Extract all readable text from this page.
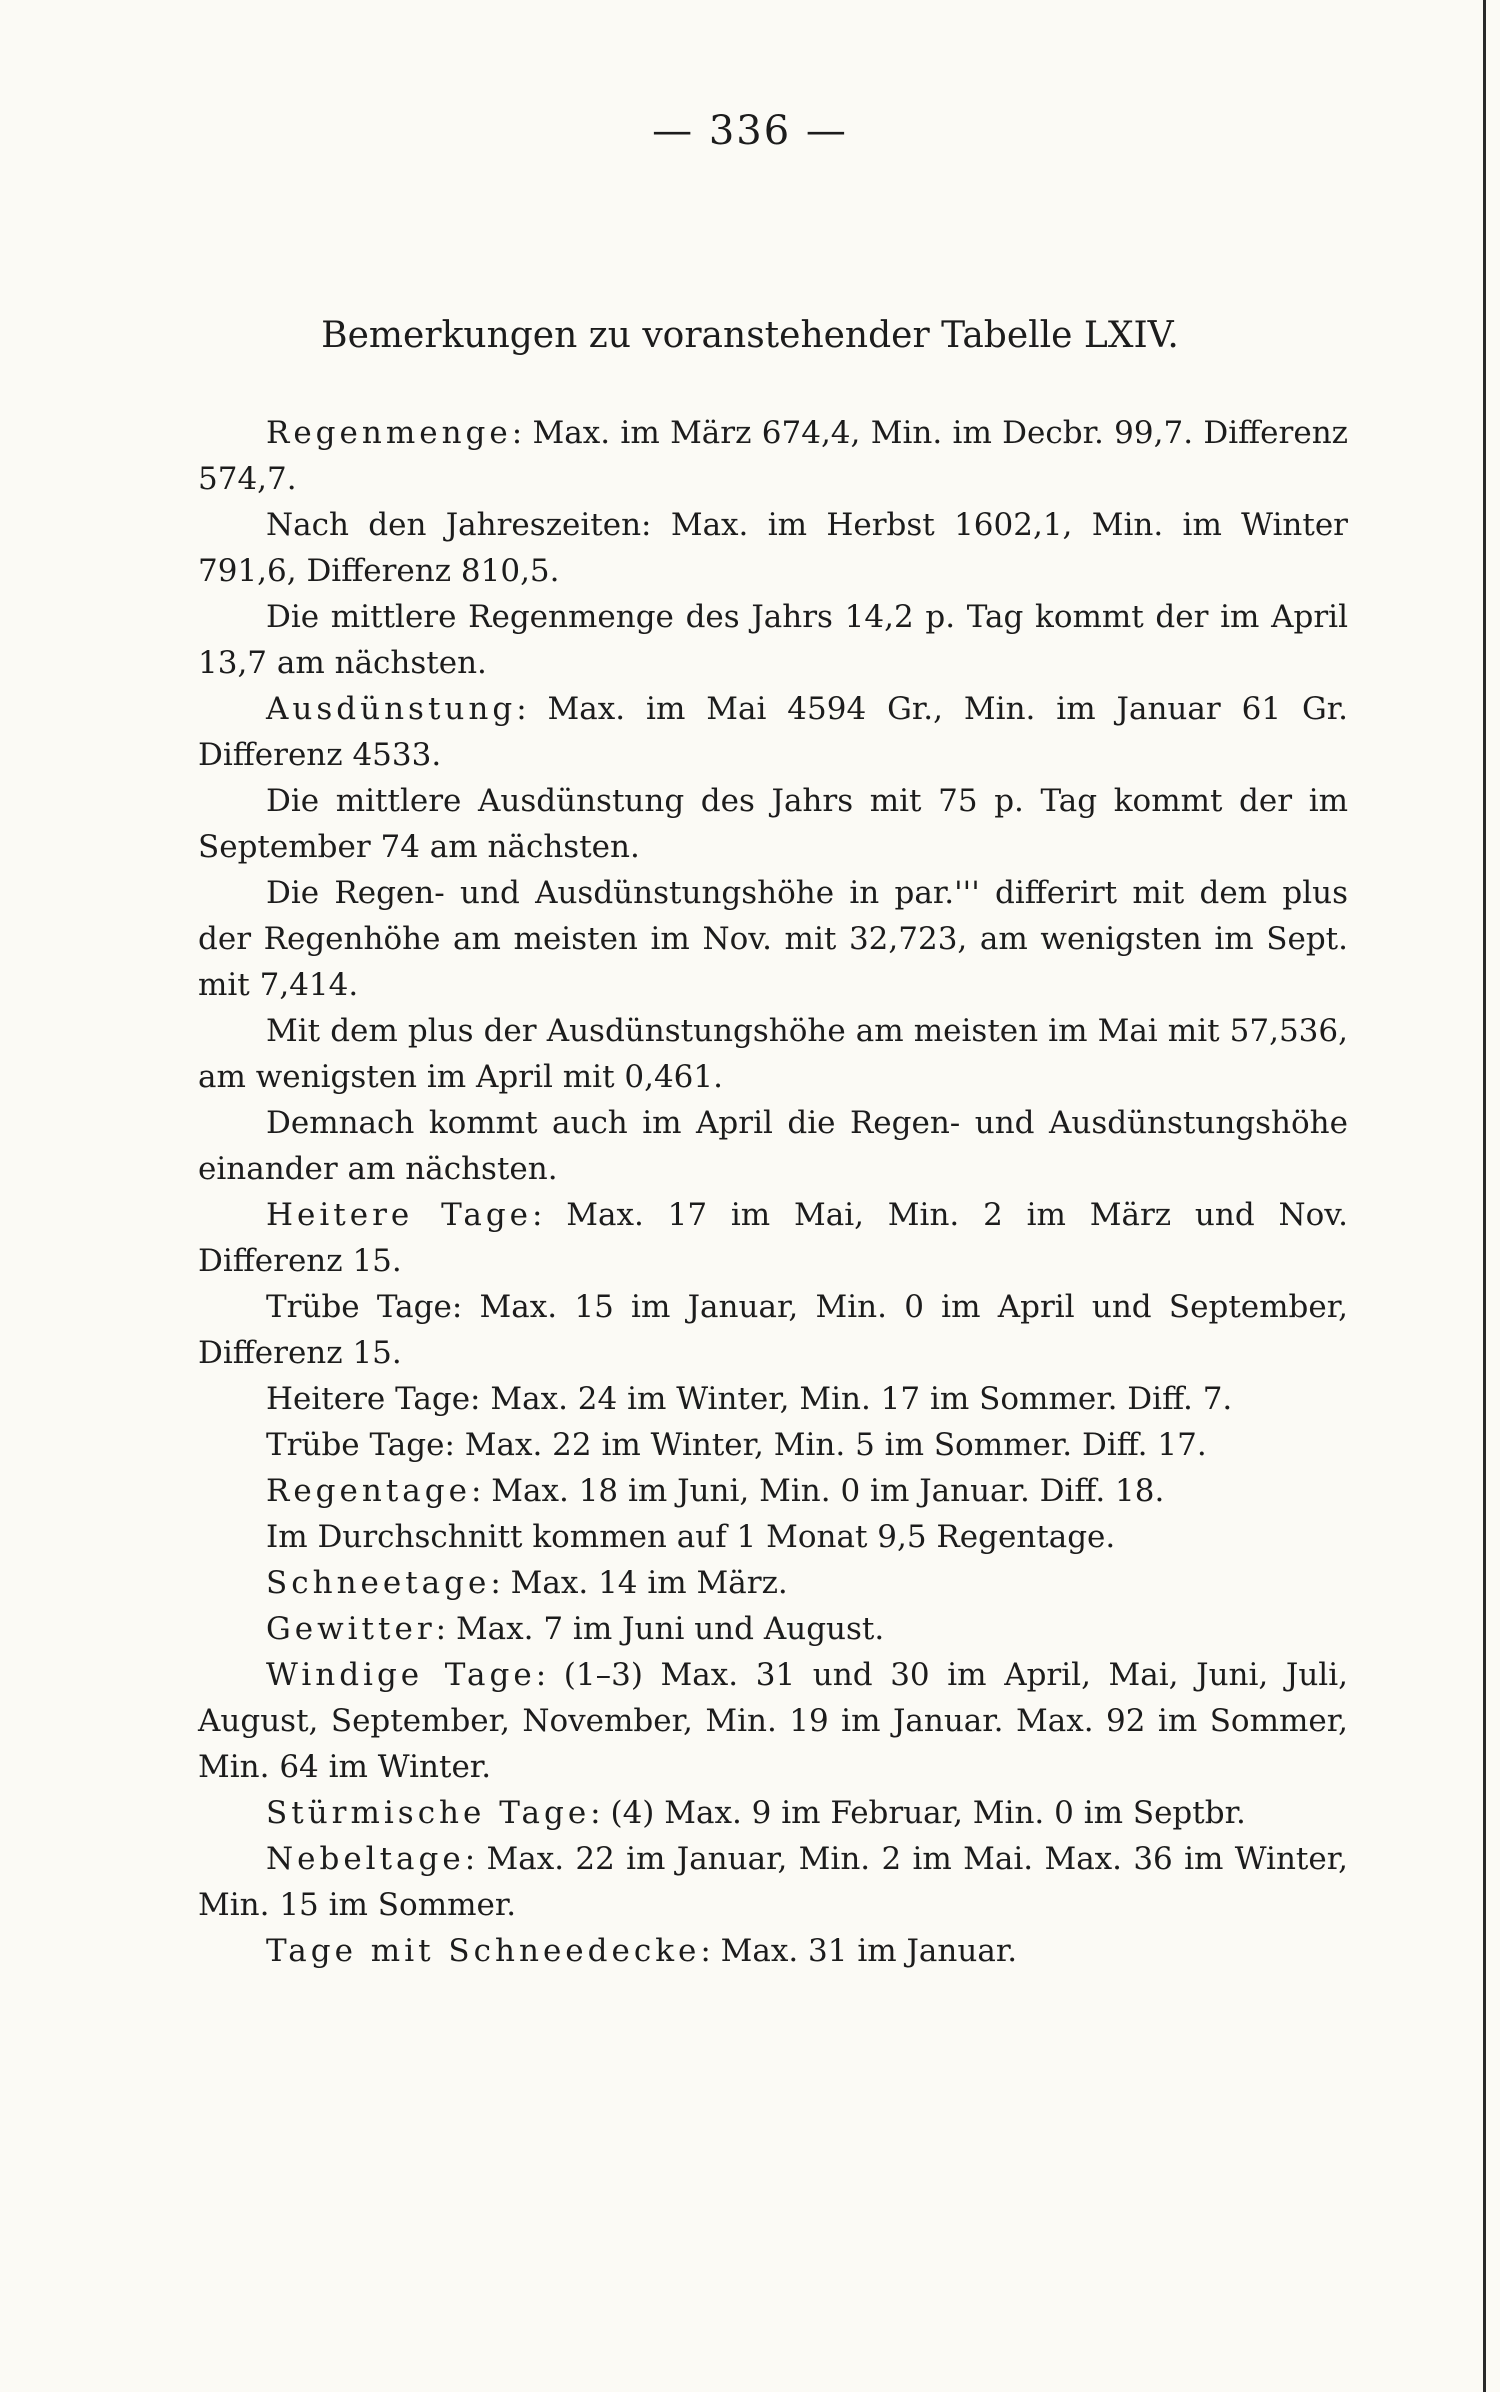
— 336 —
Bemerkungen zu voranstehender Tabelle LXIV.

Regenmenge: Max. im März 674,4, Min. im Decbr. 99,7. Differenz 574,7.

Nach den Jahreszeiten: Max. im Herbst 1602,1, Min. im Winter 791,6, Differenz 810,5.

Die mittlere Regenmenge des Jahrs 14,2 p. Tag kommt der im April 13,7 am nächsten.

Ausdünstung: Max. im Mai 4594 Gr., Min. im Januar 61 Gr. Differenz 4533.

Die mittlere Ausdünstung des Jahrs mit 75 p. Tag kommt der im September 74 am nächsten.

Die Regen- und Ausdünstungshöhe in par.''' differirt mit dem plus der Regenhöhe am meisten im Nov. mit 32,723, am wenigsten im Sept. mit 7,414.

Mit dem plus der Ausdünstungshöhe am meisten im Mai mit 57,536, am wenigsten im April mit 0,461.

Demnach kommt auch im April die Regen- und Ausdünstungshöhe einander am nächsten.

Heitere Tage: Max. 17 im Mai, Min. 2 im März und Nov. Differenz 15.

Trübe Tage: Max. 15 im Januar, Min. 0 im April und September, Differenz 15.

Heitere Tage: Max. 24 im Winter, Min. 17 im Sommer. Diff. 7.

Trübe Tage: Max. 22 im Winter, Min. 5 im Sommer. Diff. 17.

Regentage: Max. 18 im Juni, Min. 0 im Januar. Diff. 18.

Im Durchschnitt kommen auf 1 Monat 9,5 Regentage.

Schneetage: Max. 14 im März.

Gewitter: Max. 7 im Juni und August.

Windige Tage: (1–3) Max. 31 und 30 im April, Mai, Juni, Juli, August, September, November, Min. 19 im Januar. Max. 92 im Sommer, Min. 64 im Winter.

Stürmische Tage: (4) Max. 9 im Februar, Min. 0 im Septbr.

Nebeltage: Max. 22 im Januar, Min. 2 im Mai. Max. 36 im Winter, Min. 15 im Sommer.

Tage mit Schneedecke: Max. 31 im Januar.
